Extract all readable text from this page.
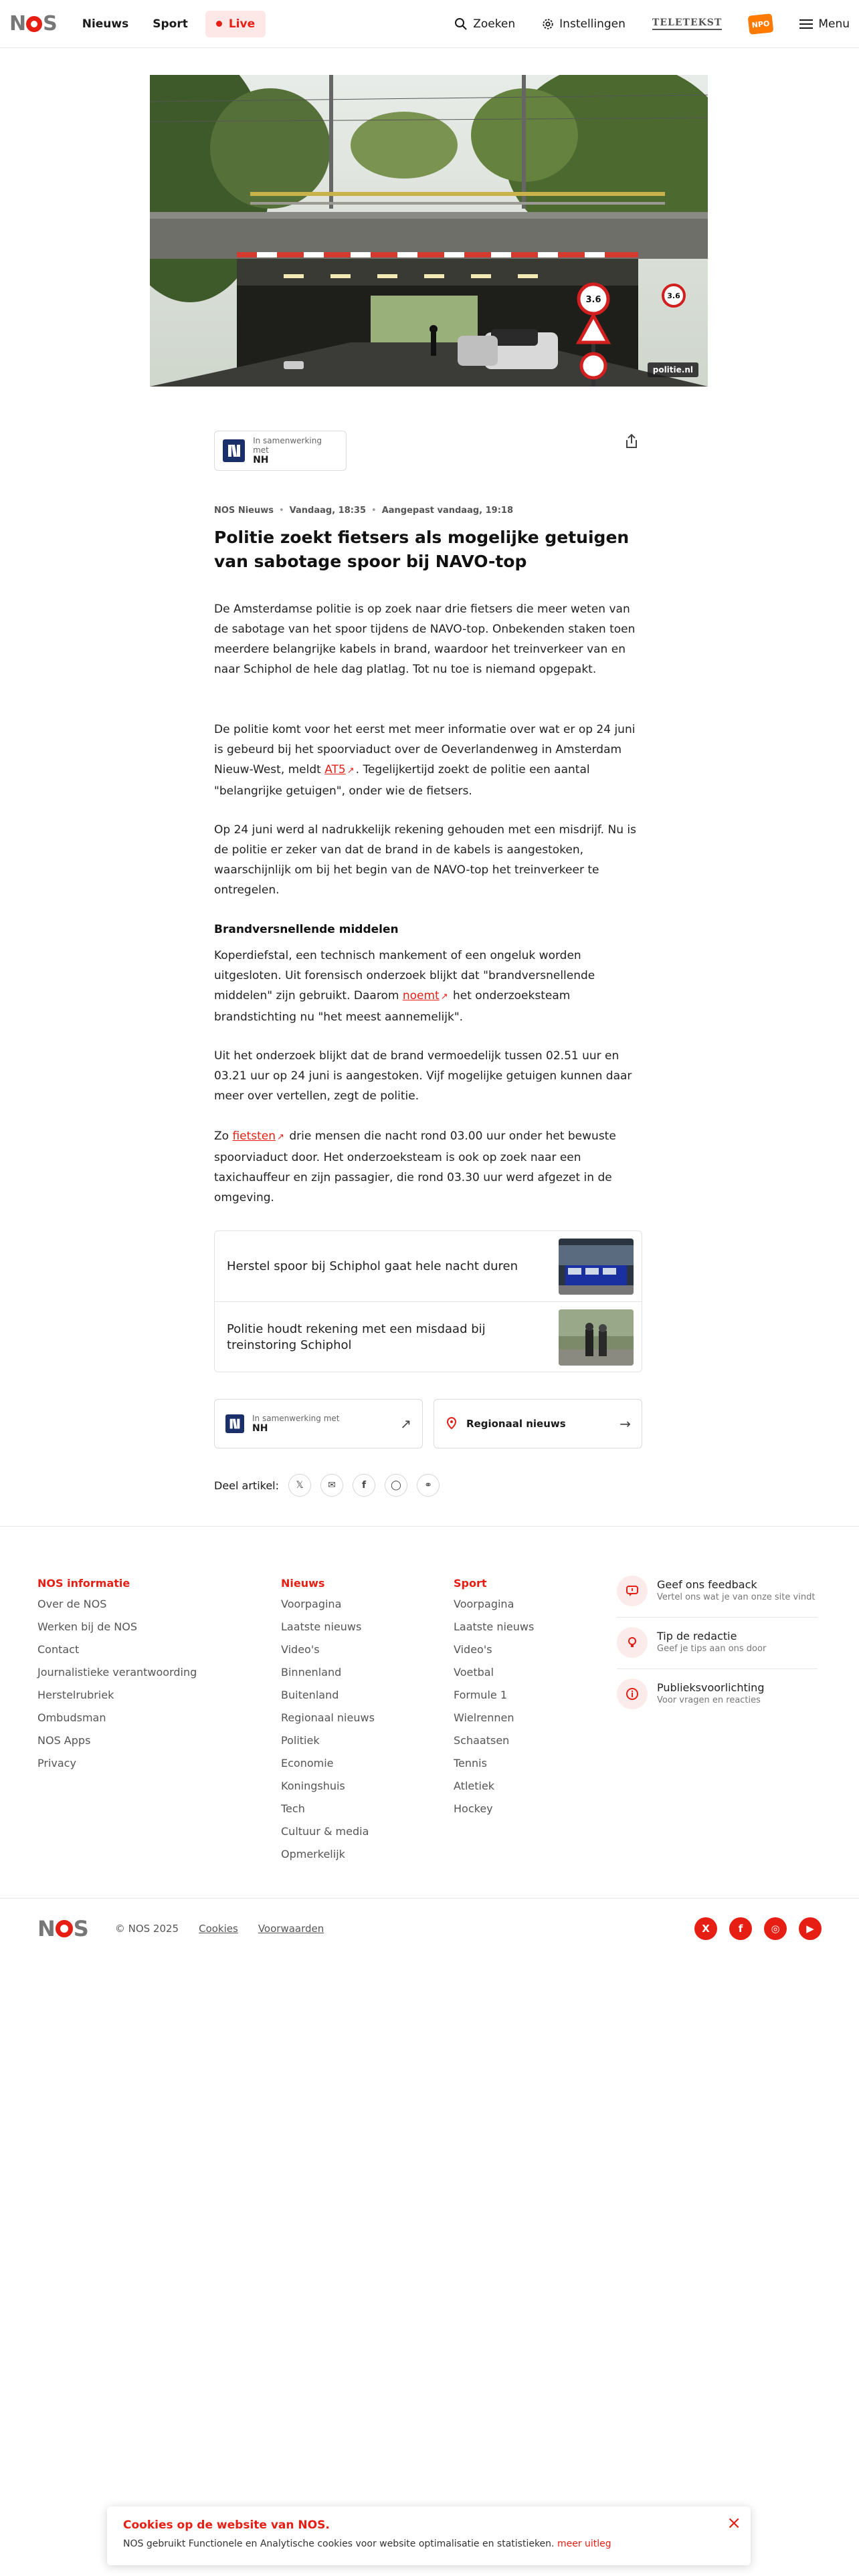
N S Nieuws Sport	Live	Zoeken	Instellingen	TELETEKST	NPO	Menu
3.6	3.6
politie.nl
In samenwerking met
NH
NOS Nieuws • Vandaag, 18:35 • Aangepast vandaag, 19:18
Politie zoekt fietsers als mogelijke getuigen van sabotage spoor bij NAVO-top

De Amsterdamse politie is op zoek naar drie fietsers die meer weten van de sabotage van het spoor tijdens de NAVO-top. Onbekenden staken toen meerdere belangrijke kabels in brand, waardoor het treinverkeer van en naar Schiphol de hele dag platlag. Tot nu toe is niemand opgepakt.

De politie komt voor het eerst met meer informatie over wat er op 24 juni is gebeurd bij het spoorviaduct over de Oeverlandenweg in Amsterdam Nieuw-West, meldt AT5 ↗ . Tegelijkertijd zoekt de politie een aantal "belangrijke getuigen", onder wie de fietsers.

Op 24 juni werd al nadrukkelijk rekening gehouden met een misdrijf. Nu is de politie er zeker van dat de brand in de kabels is aangestoken, waarschijnlijk om bij het begin van de NAVO-top het treinverkeer te ontregelen.

Brandversnellende middelen

Koperdiefstal, een technisch mankement of een ongeluk worden uitgesloten. Uit forensisch onderzoek blijkt dat "brandversnellende middelen" zijn gebruikt. Daarom noemt ↗ het onderzoeksteam brandstichting nu "het meest aannemelijk".

Uit het onderzoek blijkt dat de brand vermoedelijk tussen 02.51 uur en 03.21 uur op 24 juni is aangestoken. Vijf mogelijke getuigen kunnen daar meer over vertellen, zegt de politie.

Zo fietsten ↗ drie mensen die nacht rond 03.00 uur onder het bewuste spoorviaduct door. Het onderzoeksteam is ook op zoek naar een taxichauffeur en zijn passagier, die rond 03.30 uur werd afgezet in de omgeving.

Herstel spoor bij Schiphol gaat hele nacht duren
Politie houdt rekening met een misdaad bij treinstoring Schiphol
In samenwerking met
NH	↗	Regionaal nieuws	→
Deel artikel: 𝕏	✉	f	◯ ⚭
NOS informatie
Over de NOS
Werken bij de NOS
Contact
Journalistieke verantwoording
Herstelrubriek
Ombudsman
NOS Apps
Privacy
Nieuws
Voorpagina
Laatste nieuws
Video's
Binnenland
Buitenland
Regionaal nieuws
Politiek
Economie
Koningshuis
Tech
Cultuur & media
Opmerkelijk
Sport
Voorpagina
Laatste nieuws
Video's
Voetbal
Formule 1
Wielrennen
Schaatsen
Tennis
Atletiek
Hockey
Geef ons feedback
Vertel ons wat je van onze site vindt
Tip de redactie
Geef je tips aan ons door
Publieksvoorlichting
Voor vragen en reacties
N S	© NOS 2025 Cookies Voorwaarden	X	f	◎	▶
Cookies op de website van NOS.
NOS gebruikt Functionele en Analytische cookies voor website optimalisatie en statistieken. meer uitleg
×
